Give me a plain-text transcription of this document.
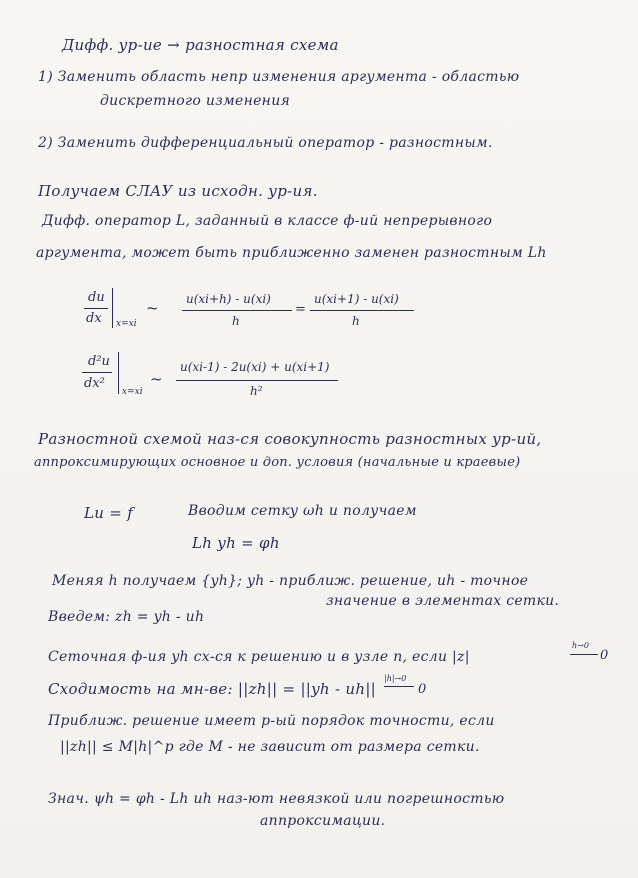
Дифф. ур-ие → разностная схема
1) Заменить область непр изменения аргумента - областью
дискретного изменения
2) Заменить дифференциальный оператор - разностным.
Получаем СЛАУ из исходн. ур-ия.
Дифф. оператор L, заданный в классе ф-ий непрерывного
аргумента, может быть приближенно заменен разностным Lh
du
dx x=xi
~ u(xi+h) - u(xi)
h
=
u(xi+1) - u(xi)
h
d²u
dx²
x=xi
~
u(xi-1) - 2u(xi) + u(xi+1)
h²
Разностной схемой наз-ся совокупность разностных ур-ий,
аппроксимирующих основное и доп. условия (начальные и краевые)
Lu = f	Вводим сетку ωh и получаем
Lh yh = φh
Меняя h получаем {yh}; yh - приближ. решение, uh - точное
значение в элементах сетки.
Введем: zh = yh - uh
Сеточная ф-ия yh сх-ся к решению u в узле n, если |z|
h→0
0
Сходимость на мн-ве: ||zh|| = ||yh - uh||
|h|→0
0
Приближ. решение имеет p-ый порядок точности, если
||zh|| ≤ M|h|^p где M - не зависит от размера сетки.
Знач. ψh = φh - Lh uh наз-ют невязкой или погрешностью
аппроксимации.
